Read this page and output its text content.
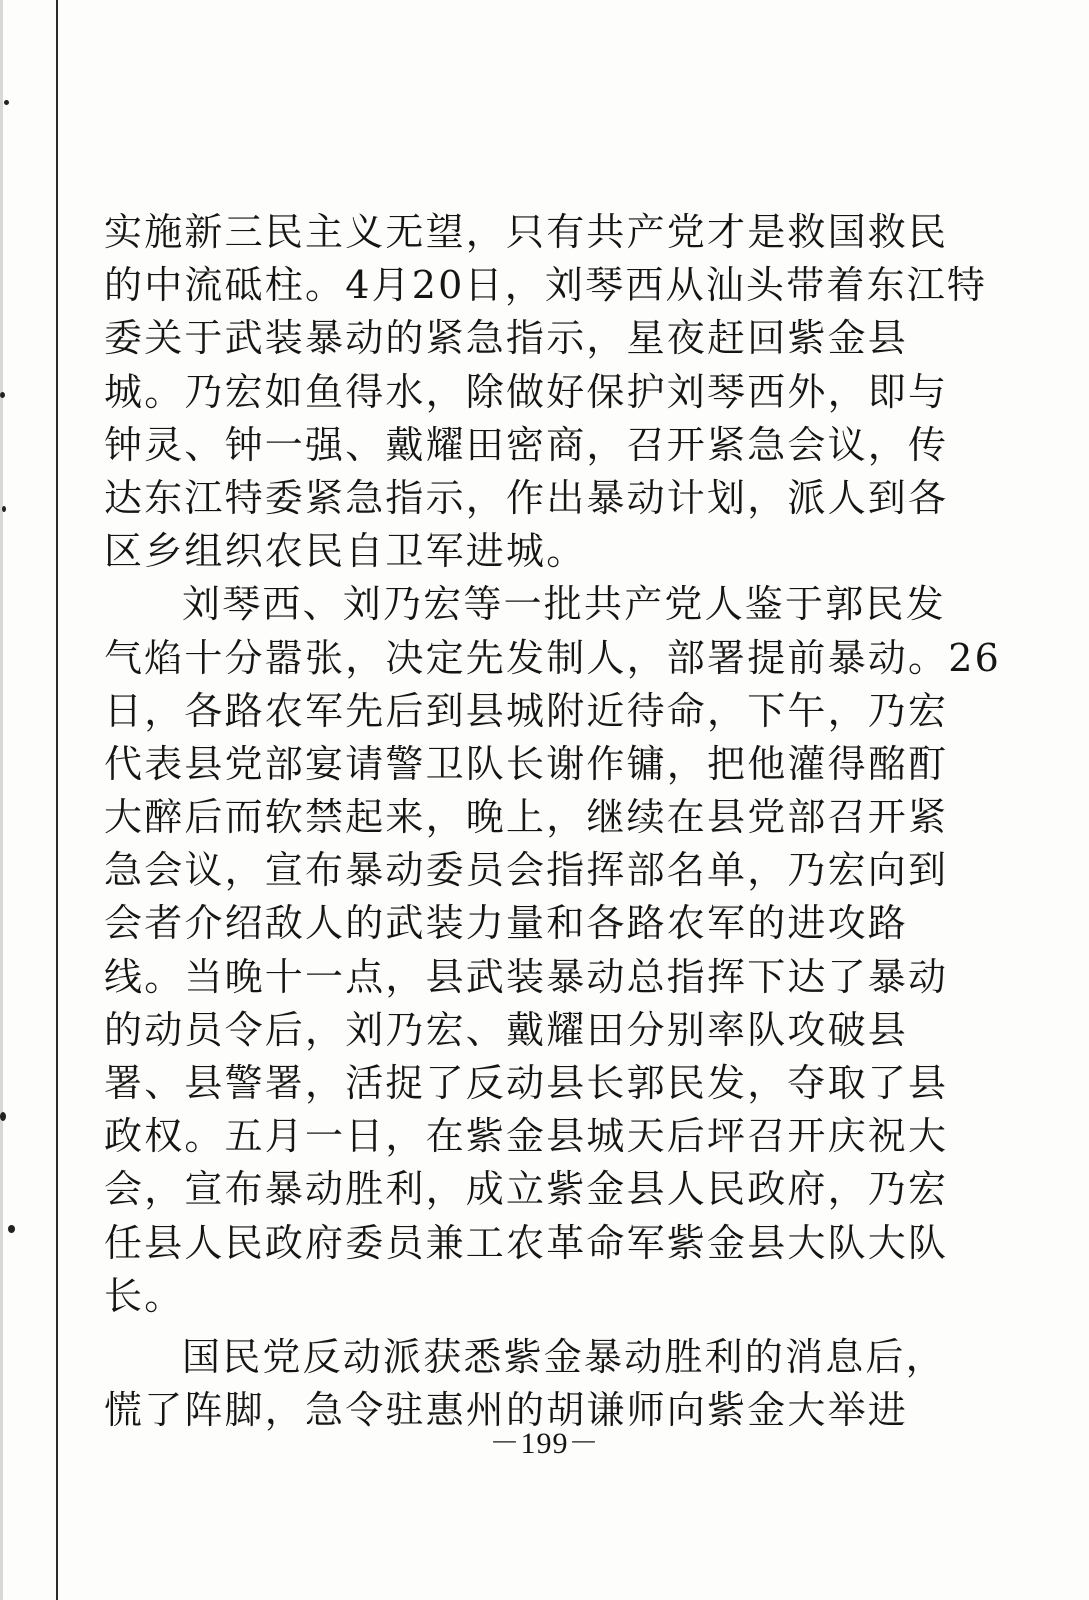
实施新三民主义无望，只有共产党才是救国救民
的中流砥柱。4月20日，刘琴西从汕头带着东江特
委关于武装暴动的紧急指示，星夜赶回紫金县
城。乃宏如鱼得水，除做好保护刘琴西外，即与
钟灵、钟一强、戴耀田密商，召开紧急会议，传
达东江特委紧急指示，作出暴动计划，派人到各
区乡组织农民自卫军进城。
刘琴西、刘乃宏等一批共产党人鉴于郭民发
气焰十分嚣张，决定先发制人，部署提前暴动。26
日，各路农军先后到县城附近待命，下午，乃宏
代表县党部宴请警卫队长谢作镛，把他灌得酩酊
大醉后而软禁起来，晚上，继续在县党部召开紧
急会议，宣布暴动委员会指挥部名单，乃宏向到
会者介绍敌人的武装力量和各路农军的进攻路
线。当晚十一点，县武装暴动总指挥下达了暴动
的动员令后，刘乃宏、戴耀田分别率队攻破县
署、县警署，活捉了反动县长郭民发，夺取了县
政权。五月一日，在紫金县城天后坪召开庆祝大
会，宣布暴动胜利，成立紫金县人民政府，乃宏
任县人民政府委员兼工农革命军紫金县大队大队
长。
国民党反动派获悉紫金暴动胜利的消息后，
慌了阵脚，急令驻惠州的胡谦师向紫金大举进
－199－
